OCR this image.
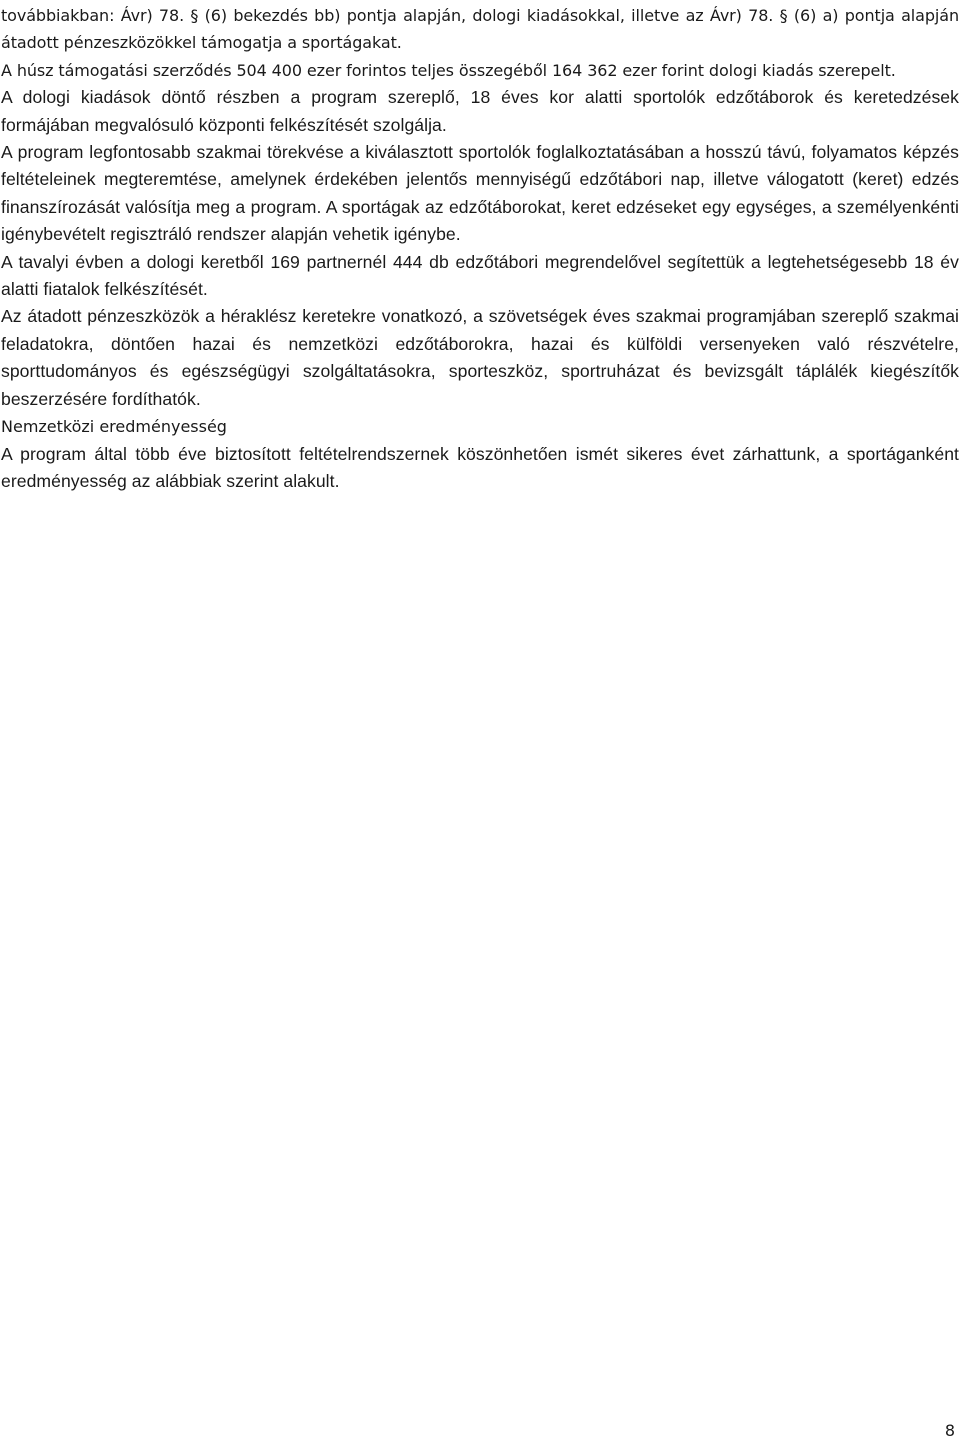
továbbiakban: Ávr) 78. § (6) bekezdés bb) pontja alapján, dologi kiadásokkal, illetve az Ávr) 78. § (6) a) pontja alapján átadott pénzeszközökkel támogatja a sportágakat.

A húsz támogatási szerződés 504 400 ezer forintos teljes összegéből 164 362 ezer forint dologi kiadás szerepelt.

A dologi kiadások döntő részben a program szereplő, 18 éves kor alatti sportolók edzőtáborok és keretedzések formájában megvalósuló központi felkészítését szolgálja.

A program legfontosabb szakmai törekvése a kiválasztott sportolók foglalkoztatásában a hosszú távú, folyamatos képzés feltételeinek megteremtése, amelynek érdekében jelentős mennyiségű edzőtábori nap, illetve válogatott (keret) edzés finanszírozását valósítja meg a program. A sportágak az edzőtáborokat, keret edzéseket egy egységes, a személyenkénti igénybevételt regisztráló rendszer alapján vehetik igénybe.

A tavalyi évben a dologi keretből 169 partnernél 444 db edzőtábori megrendelővel segítettük a legtehetségesebb 18 év alatti fiatalok felkészítését.

Az átadott pénzeszközök a héraklész keretekre vonatkozó, a szövetségek éves szakmai programjában szereplő szakmai feladatokra, döntően hazai és nemzetközi edzőtáborokra, hazai és külföldi versenyeken való részvételre, sporttudományos és egészségügyi szolgáltatásokra, sporteszköz, sportruházat és bevizsgált táplálék kiegészítők beszerzésére fordíthatók.

Nemzetközi eredményesség

A program által több éve biztosított feltételrendszernek köszönhetően ismét sikeres évet zárhattunk, a sportáganként eredményesség az alábbiak szerint alakult.

8
